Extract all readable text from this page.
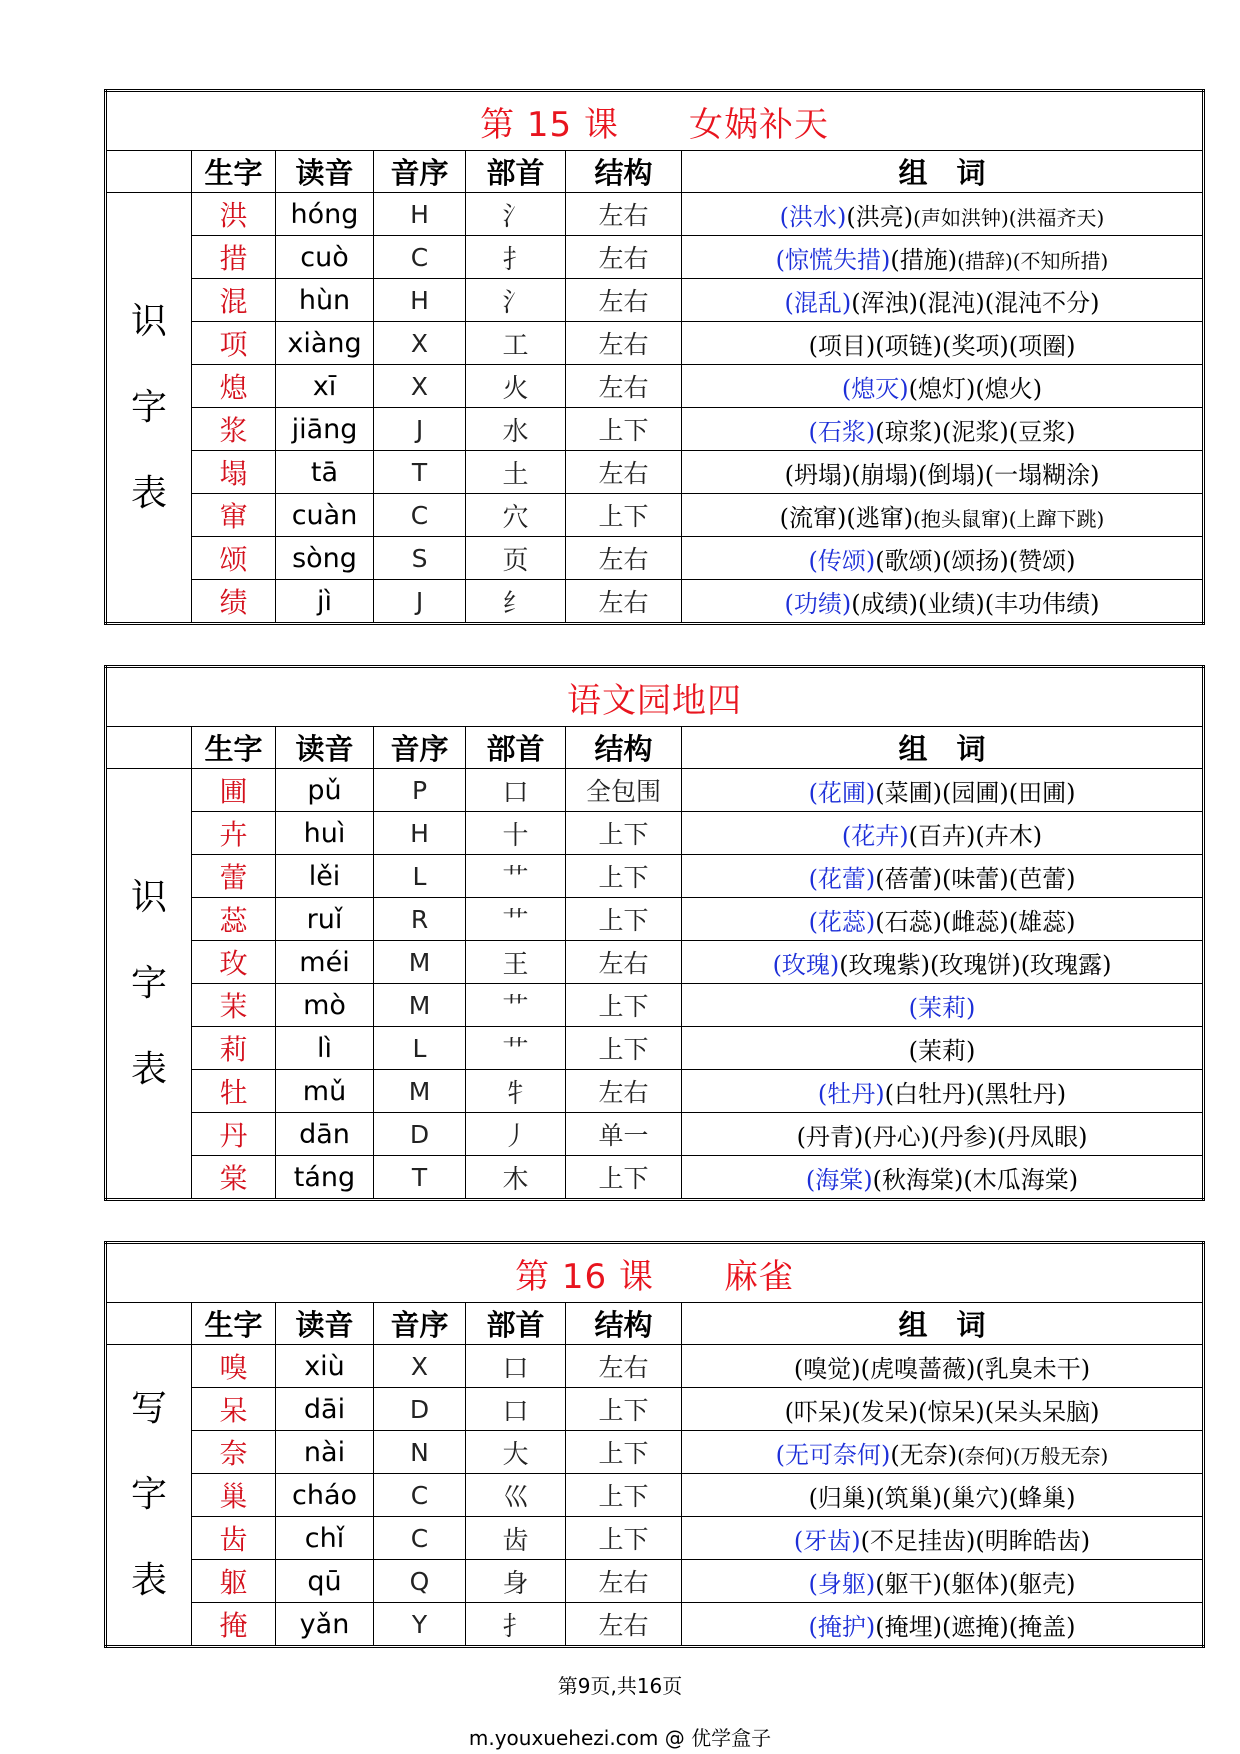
第 15 课　　女娲补天						
	生字	读音	音序	部首	结构	组　词

识
字
表	洪	hóng	H	氵	左右	(洪水)(洪亮)(声如洪钟)(洪福齐天)
	措	cuò	C	扌	左右	(惊慌失措)(措施)(措辞)(不知所措)
	混	hùn	H	氵	左右	(混乱)(浑浊)(混沌)(混沌不分)
	项	xiàng	X	工	左右	(项目)(项链)(奖项)(项圈)
	熄	xī	X	火	左右	(熄灭)(熄灯)(熄火)
	浆	jiāng	J	水	上下	(石浆)(琼浆)(泥浆)(豆浆)
	塌	tā	T	土	左右	(坍塌)(崩塌)(倒塌)(一塌糊涂)
	窜	cuàn	C	穴	上下	(流窜)(逃窜)(抱头鼠窜)(上蹿下跳)
	颂	sòng	S	页	左右	(传颂)(歌颂)(颂扬)(赞颂)
	绩	jì	J	纟	左右	(功绩)(成绩)(业绩)(丰功伟绩)
语文园地四						
	生字	读音	音序	部首	结构	组　词

识
字
表	圃	pǔ	P	口	全包围	(花圃)(菜圃)(园圃)(田圃)
	卉	huì	H	十	上下	(花卉)(百卉)(卉木)
	蕾	lěi	L	艹	上下	(花蕾)(蓓蕾)(味蕾)(芭蕾)
	蕊	ruǐ	R	艹	上下	(花蕊)(石蕊)(雌蕊)(雄蕊)
	玫	méi	M	王	左右	(玫瑰)(玫瑰紫)(玫瑰饼)(玫瑰露)
	茉	mò	M	艹	上下	(茉莉)
	莉	lì	L	艹	上下	(茉莉)
	牡	mǔ	M	牜	左右	(牡丹)(白牡丹)(黑牡丹)
	丹	dān	D	丿	单一	(丹青)(丹心)(丹参)(丹凤眼)
	棠	táng	T	木	上下	(海棠)(秋海棠)(木瓜海棠)
第 16 课　　麻雀						
	生字	读音	音序	部首	结构	组　词

写
字
表	嗅	xiù	X	口	左右	(嗅觉)(虎嗅蔷薇)(乳臭未干)
	呆	dāi	D	口	上下	(吓呆)(发呆)(惊呆)(呆头呆脑)
	奈	nài	N	大	上下	(无可奈何)(无奈)(奈何)(万般无奈)
	巢	cháo	C	巛	上下	(归巢)(筑巢)(巢穴)(蜂巢)
	齿	chǐ	C	齿	上下	(牙齿)(不足挂齿)(明眸皓齿)
	躯	qū	Q	身	左右	(身躯)(躯干)(躯体)(躯壳)
	掩	yǎn	Y	扌	左右	(掩护)(掩埋)(遮掩)(掩盖)
第9页,共16页
m.youxuehezi.com @ 优学盒子
